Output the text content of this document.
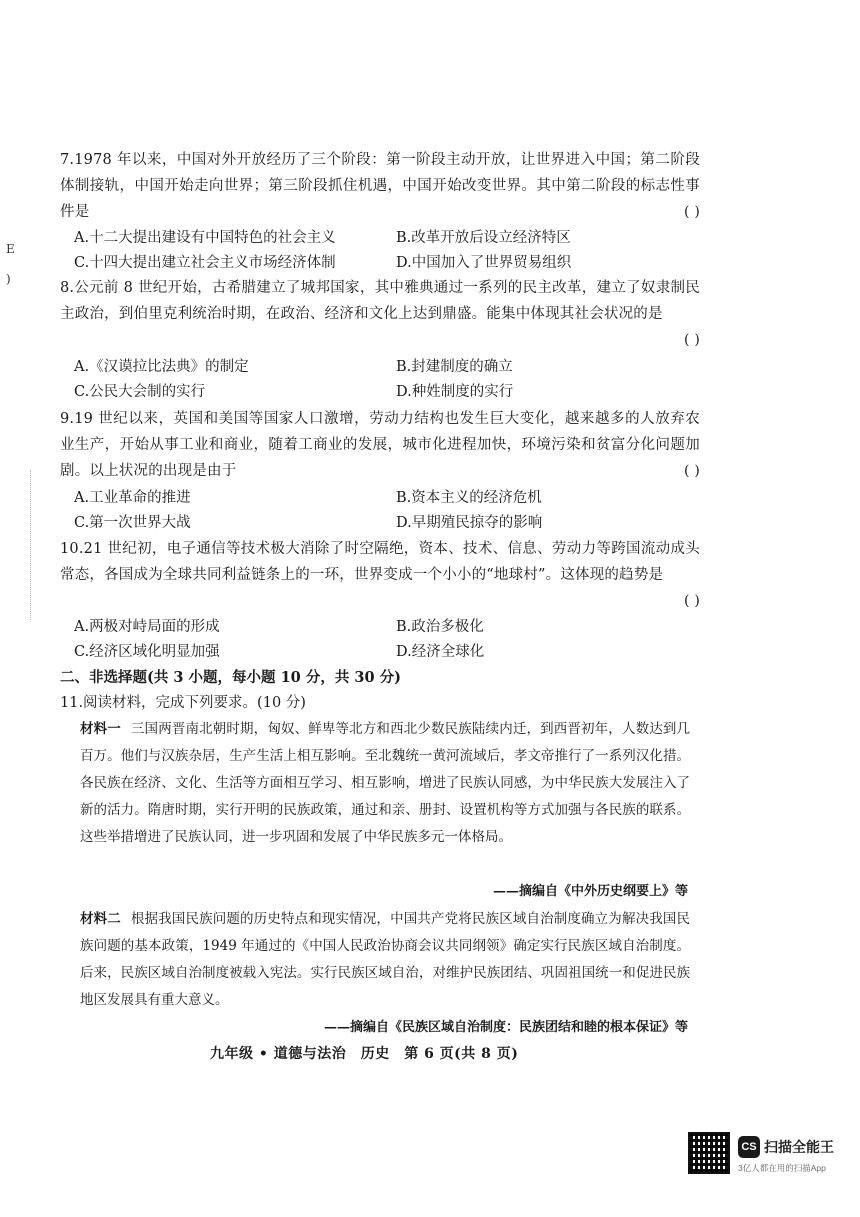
E
)
7.1978 年以来，中国对外开放经历了三个阶段：第一阶段主动开放，让世界进入中国；第二阶段体制接轨，中国开始走向世界；第三阶段抓住机遇，中国开始改变世界。其中第二阶段的标志性事件是	( )
A.十二大提出建设有中国特色的社会主义	B.改革开放后设立经济特区
C.十四大提出建立社会主义市场经济体制	D.中国加入了世界贸易组织
8.公元前 8 世纪开始，古希腊建立了城邦国家，其中雅典通过一系列的民主改革，建立了奴隶制民主政治，到伯里克利统治时期，在政治、经济和文化上达到鼎盛。能集中体现其社会状况的是
( )
A.《汉谟拉比法典》的制定	B.封建制度的确立
C.公民大会制的实行	D.种姓制度的实行
9.19 世纪以来，英国和美国等国家人口激增，劳动力结构也发生巨大变化，越来越多的人放弃农业生产，开始从事工业和商业，随着工商业的发展，城市化进程加快，环境污染和贫富分化问题加剧。以上状况的出现是由于	( )
A.工业革命的推进	B.资本主义的经济危机
C.第一次世界大战	D.早期殖民掠夺的影响
10.21 世纪初，电子通信等技术极大消除了时空隔绝，资本、技术、信息、劳动力等跨国流动成头常态，各国成为全球共同利益链条上的一环，世界变成一个小小的“地球村”。这体现的趋势是
( )
A.两极对峙局面的形成	B.政治多极化
C.经济区域化明显加强	D.经济全球化
二、非选择题(共 3 小题，每小题 10 分，共 30 分)
11.阅读材料，完成下列要求。(10 分)
材料一 三国两晋南北朝时期，匈奴、鲜卑等北方和西北少数民族陆续内迁，到西晋初年，人数达到几百万。他们与汉族杂居，生产生活上相互影响。至北魏统一黄河流域后，孝文帝推行了一系列汉化措。各民族在经济、文化、生活等方面相互学习、相互影响，增进了民族认同感，为中华民族大发展注入了新的活力。隋唐时期，实行开明的民族政策，通过和亲、册封、设置机构等方式加强与各民族的联系。这些举措增进了民族认同，进一步巩固和发展了中华民族多元一体格局。
——摘编自《中外历史纲要上》等
材料二 根据我国民族问题的历史特点和现实情况，中国共产党将民族区域自治制度确立为解决我国民族问题的基本政策，1949 年通过的《中国人民政治协商会议共同纲领》确定实行民族区域自治制度。后来，民族区域自治制度被载入宪法。实行民族区域自治，对维护民族团结、巩固祖国统一和促进民族地区发展具有重大意义。
——摘编自《民族区域自治制度：民族团结和睦的根本保证》等
九年级 • 道德与法治　历史　第 6 页(共 8 页)
CS 扫描全能王
3亿人都在用的扫描App
